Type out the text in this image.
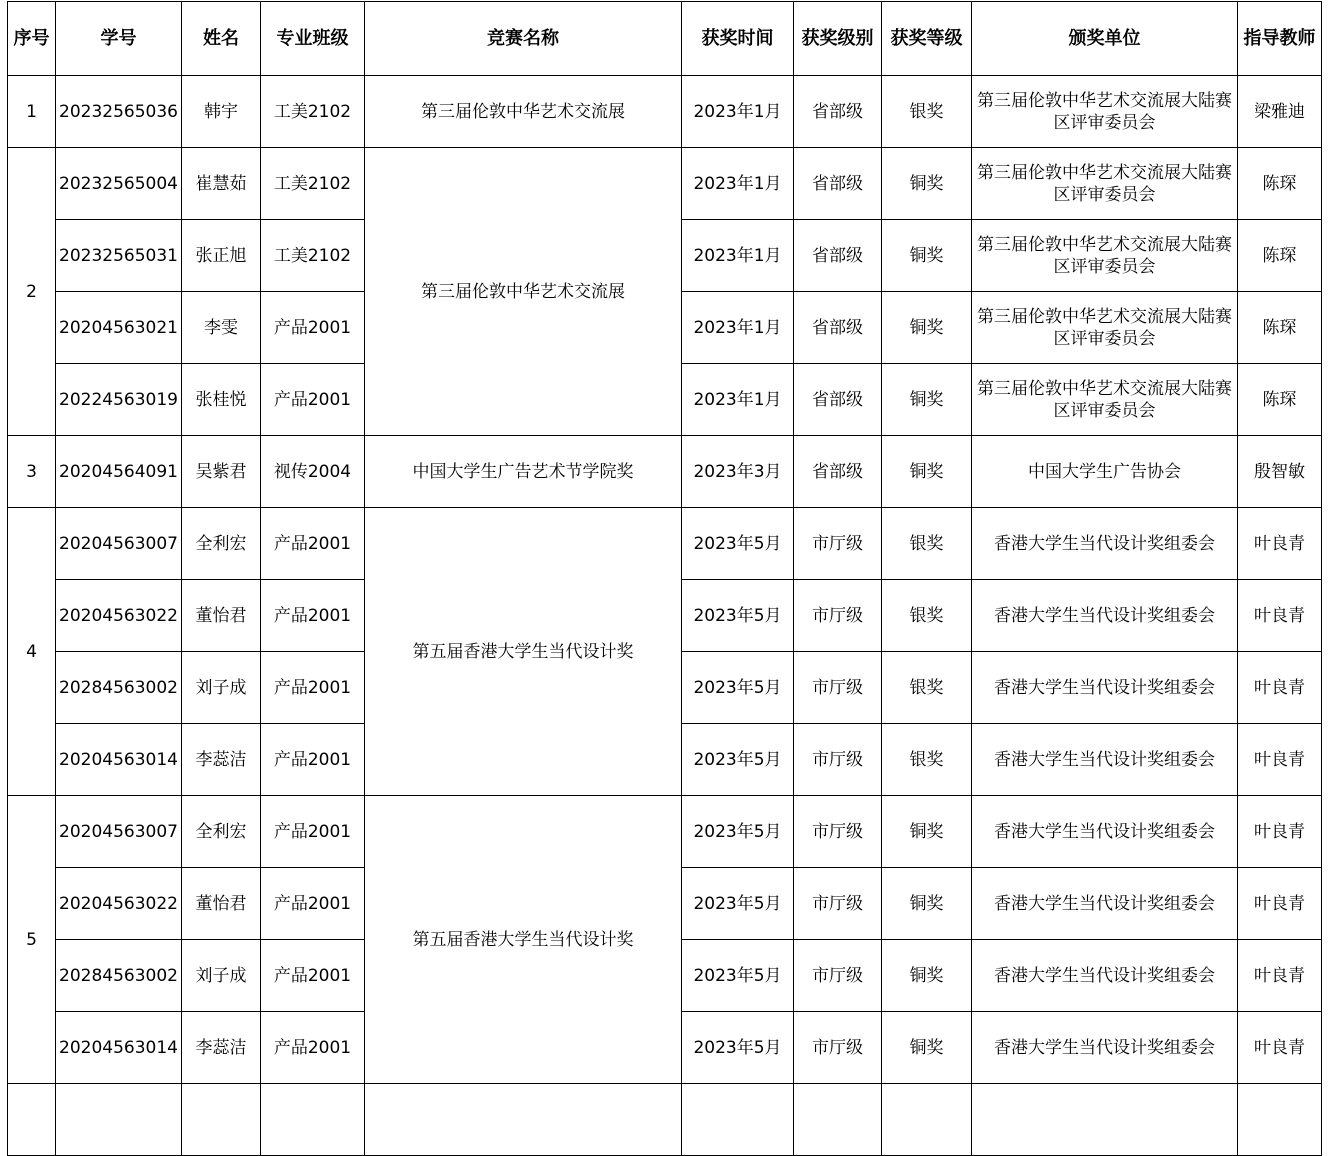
序号	学号	姓名	专业班级	竞赛名称	获奖时间	获奖级别	获奖等级	颁奖单位	指导教师
1	20232565036	韩宇	工美2102	第三届伦敦中华艺术交流展	2023年1月	省部级	银奖	第三届伦敦中华艺术交流展大陆赛区评审委员会	梁雅迪
2	20232565004	崔慧茹	工美2102	第三届伦敦中华艺术交流展	2023年1月	省部级	铜奖	第三届伦敦中华艺术交流展大陆赛区评审委员会	陈琛
	20232565031	张正旭	工美2102		2023年1月	省部级	铜奖	第三届伦敦中华艺术交流展大陆赛区评审委员会	陈琛
	20204563021	李雯	产品2001		2023年1月	省部级	铜奖	第三届伦敦中华艺术交流展大陆赛区评审委员会	陈琛
	20224563019	张桂悦	产品2001		2023年1月	省部级	铜奖	第三届伦敦中华艺术交流展大陆赛区评审委员会	陈琛
3	20204564091	吴紫君	视传2004	中国大学生广告艺术节学院奖	2023年3月	省部级	铜奖	中国大学生广告协会	殷智敏
4	20204563007	全利宏	产品2001	第五届香港大学生当代设计奖	2023年5月	市厅级	银奖	香港大学生当代设计奖组委会	叶良青
	20204563022	董怡君	产品2001		2023年5月	市厅级	银奖	香港大学生当代设计奖组委会	叶良青
	20284563002	刘子成	产品2001		2023年5月	市厅级	银奖	香港大学生当代设计奖组委会	叶良青
	20204563014	李蕊洁	产品2001		2023年5月	市厅级	银奖	香港大学生当代设计奖组委会	叶良青
5	20204563007	全利宏	产品2001	第五届香港大学生当代设计奖	2023年5月	市厅级	铜奖	香港大学生当代设计奖组委会	叶良青
	20204563022	董怡君	产品2001		2023年5月	市厅级	铜奖	香港大学生当代设计奖组委会	叶良青
	20284563002	刘子成	产品2001		2023年5月	市厅级	铜奖	香港大学生当代设计奖组委会	叶良青
	20204563014	李蕊洁	产品2001		2023年5月	市厅级	铜奖	香港大学生当代设计奖组委会	叶良青
